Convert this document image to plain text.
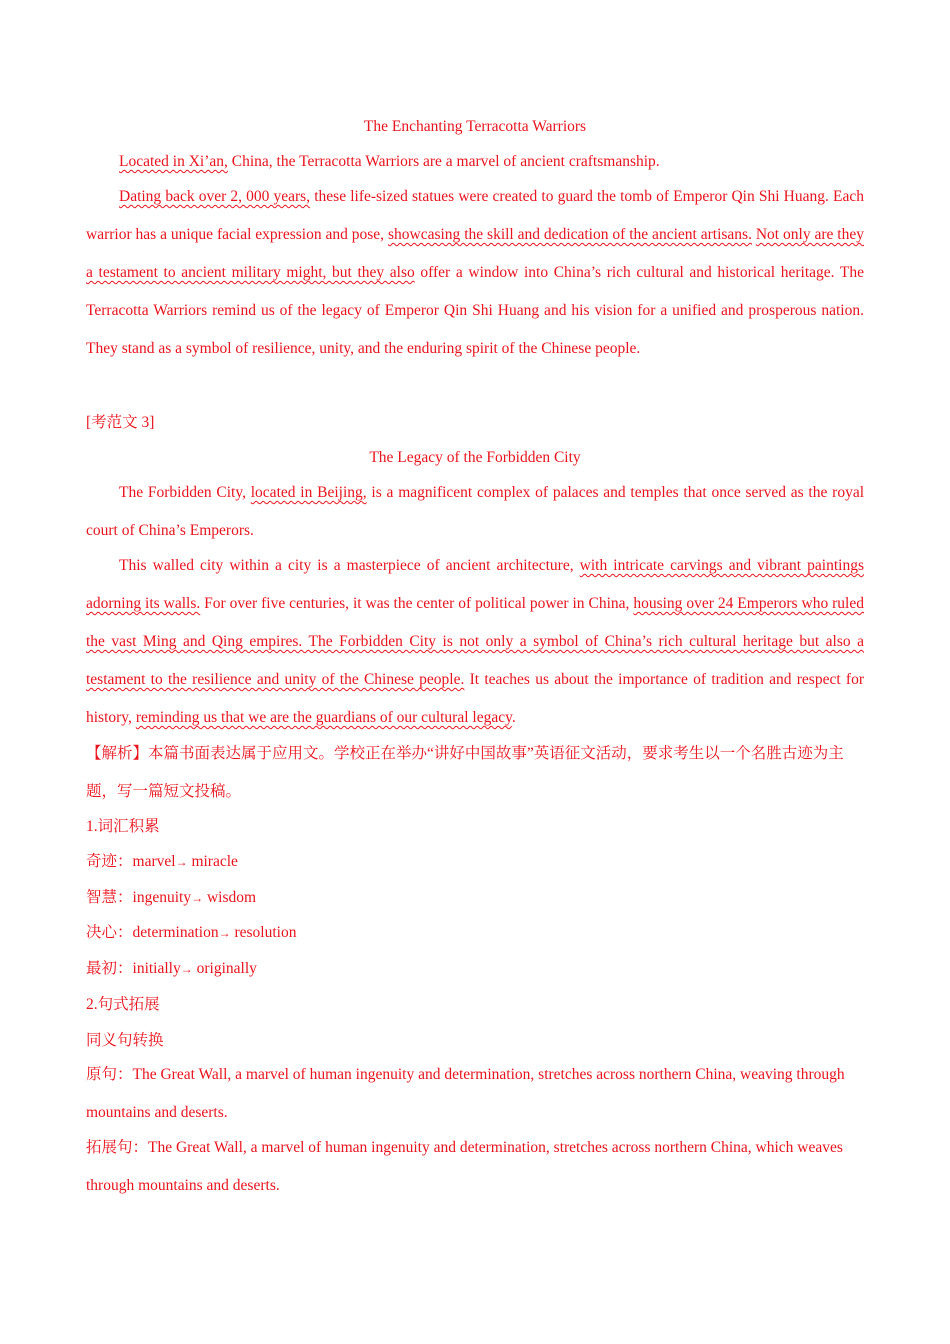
The Enchanting Terracotta Warriors
Located in Xi’an, China, the Terracotta Warriors are a marvel of ancient craftsmanship.
Dating back over 2, 000 years, these life-sized statues were created to guard the tomb of Emperor Qin Shi Huang. Each warrior has a unique facial expression and pose, showcasing the skill and dedication of the ancient artisans. Not only are they a testament to ancient military might, but they also offer a window into China’s rich cultural and historical heritage. The Terracotta Warriors remind us of the legacy of Emperor Qin Shi Huang and his vision for a unified and prosperous nation. They stand as a symbol of resilience, unity, and the enduring spirit of the Chinese people.
[考范文 3]
The Legacy of the Forbidden City
The Forbidden City, located in Beijing, is a magnificent complex of palaces and temples that once served as the royal court of China’s Emperors.
This walled city within a city is a masterpiece of ancient architecture, with intricate carvings and vibrant paintings adorning its walls. For over five centuries, it was the center of political power in China, housing over 24 Emperors who ruled the vast Ming and Qing empires. The Forbidden City is not only a symbol of China’s rich cultural heritage but also a testament to the resilience and unity of the Chinese people. It teaches us about the importance of tradition and respect for history, reminding us that we are the guardians of our cultural legacy.
【解析】本篇书面表达属于应用文。学校正在举办“讲好中国故事”英语征文活动，要求考生以一个名胜古迹为主题，写一篇短文投稿。
1.词汇积累
奇迹：marvel→ miracle
智慧：ingenuity→ wisdom
决心：determination→ resolution
最初：initially→ originally
2.句式拓展
同义句转换
原句：The Great Wall, a marvel of human ingenuity and determination, stretches across northern China, weaving through mountains and deserts.
拓展句：The Great Wall, a marvel of human ingenuity and determination, stretches across northern China, which weaves through mountains and deserts.
